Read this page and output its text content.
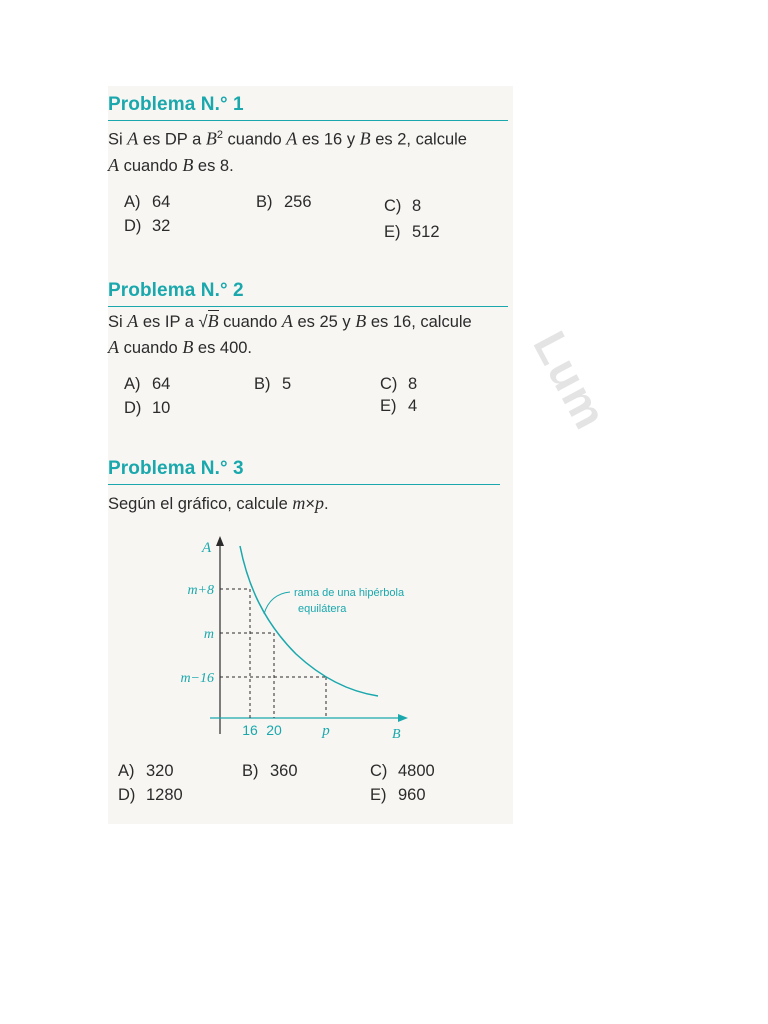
Problema N.° 1
Si A es DP a $B^2$ cuando A es 16 y B es 2, calcule
A cuando B es 8.
A) 64	B) 256	C) 8
D) 32	E) 512
Problema N.° 2
Si A es IP a √B cuando A es 25 y B es 16, calcule
A cuando B es 400.
A) 64	B) 5	C) 8
D) 10	E) 4
Problema N.° 3
Según el gráfico, calcule m×p.
A
B
m+8
m
m−16
16 20	p
rama de una hipérbola
equilátera
A) 320	B) 360	C) 4800
D) 1280	E) 960
Lum
